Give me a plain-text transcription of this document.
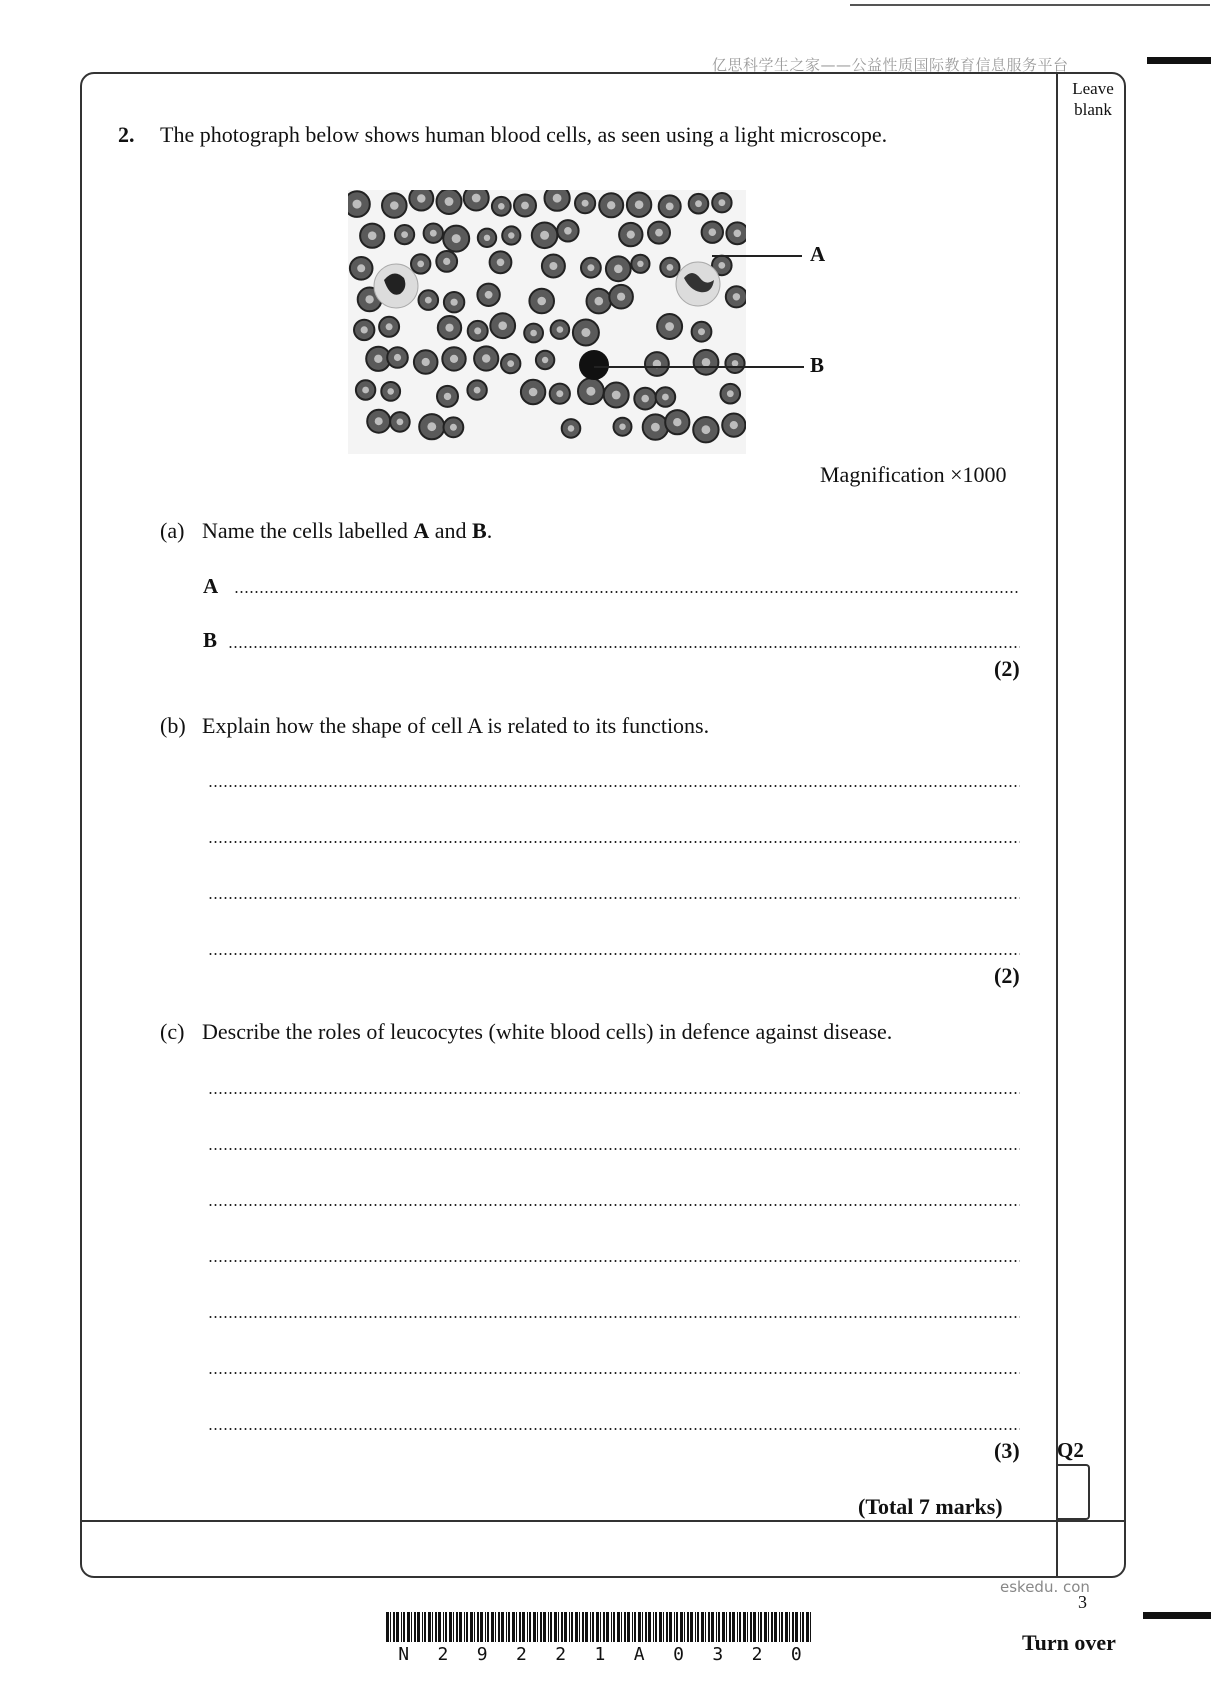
亿思科学生之家——公益性质国际教育信息服务平台
Leave blank
2. The photograph below shows human blood cells, as seen using a light microscope.
A
B
Magnification ×1000
(a) Name the cells labelled A and B.
A
B
(2)
(b) Explain how the shape of cell A is related to its functions.
(2)
(c) Describe the roles of leucocytes (white blood cells) in defence against disease.
(3) Q2
(Total 7 marks)
eskedu. con
3
Turn over
N 2 9 2 2 1 A 0 3 2 0
